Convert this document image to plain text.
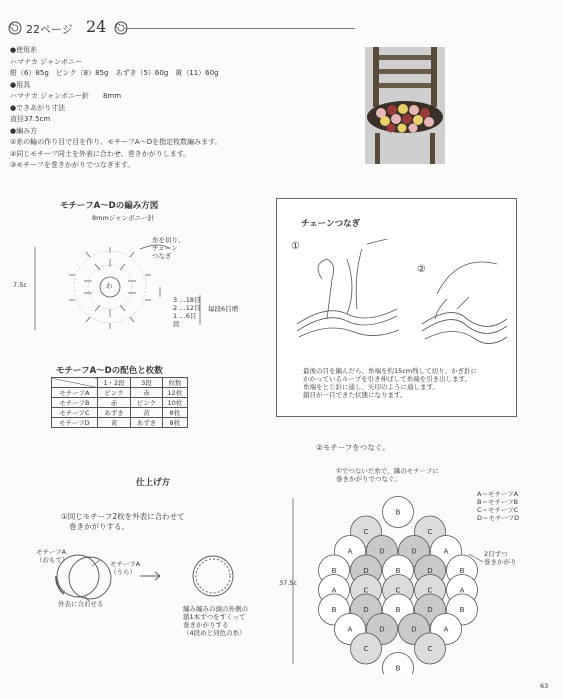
22ページ 24
●使用糸
ハマナカ ジャンボニー
紺（6）85g　ピンク（8）85g　あずき（5）60g　黄（11）60g
●用具
ハマナカ ジャンボニー針　　8mm
●できあがり寸法
直径37.5cm
●編み方
①糸の輪の作り目で目を作り、モチーフA～Dを指定枚数編みます。
②同じモチーフ同士を外表に合わせ、巻きかがりします。
③モチーフを巻きかがりでつなぎます。
モチーフA～Dの編み方図
8mmジャンボニー針
7.5c	わ
糸を切り、
チェーン
つなぎ
3 …18目
2 …12目
1 …6目
段
毎段6目増
チェーンつなぎ
①
②
最後の目を編んだら、糸端を約15cm残して切り、かぎ針に
かかっているループを引き伸ばして糸端を引き出します。
糸端をとじ針に通し、矢印のように通します。
鎖目が一目できた状態になります。
モチーフA～Dの配色と枚数
	1・2段	3段	枚数
モチーフA	ピンク	赤	12枚
モチーフB	赤	ピンク	10枚
モチーフC	あずき	黄	8枚
モチーフD	黄	あずき	8枚
仕上げ方
①同じモチーフ2枚を外表に合わせて
巻きかがりする。
モチーフA
（おもて）	モチーフA
（うら）
外表に合わせる
編み編みの頭の外側の
鎖1本ずつをすくって
巻きかがりする
（4段めと同色の糸）
②モチーフをつなぐ。
①でつないだ糸で、隣のモチーフに
巻きかがりでつなぐ。
A＝モチーフA
B＝モチーフB
C＝モチーフC
D＝モチーフD
2目ずつ
巻きかがり
37.5c
B
C	C
A	D	D	A
B	D	B	D	B
A	C	C	C	A
B	D	B	D	B
A	D	D	A
C	C
B
63
